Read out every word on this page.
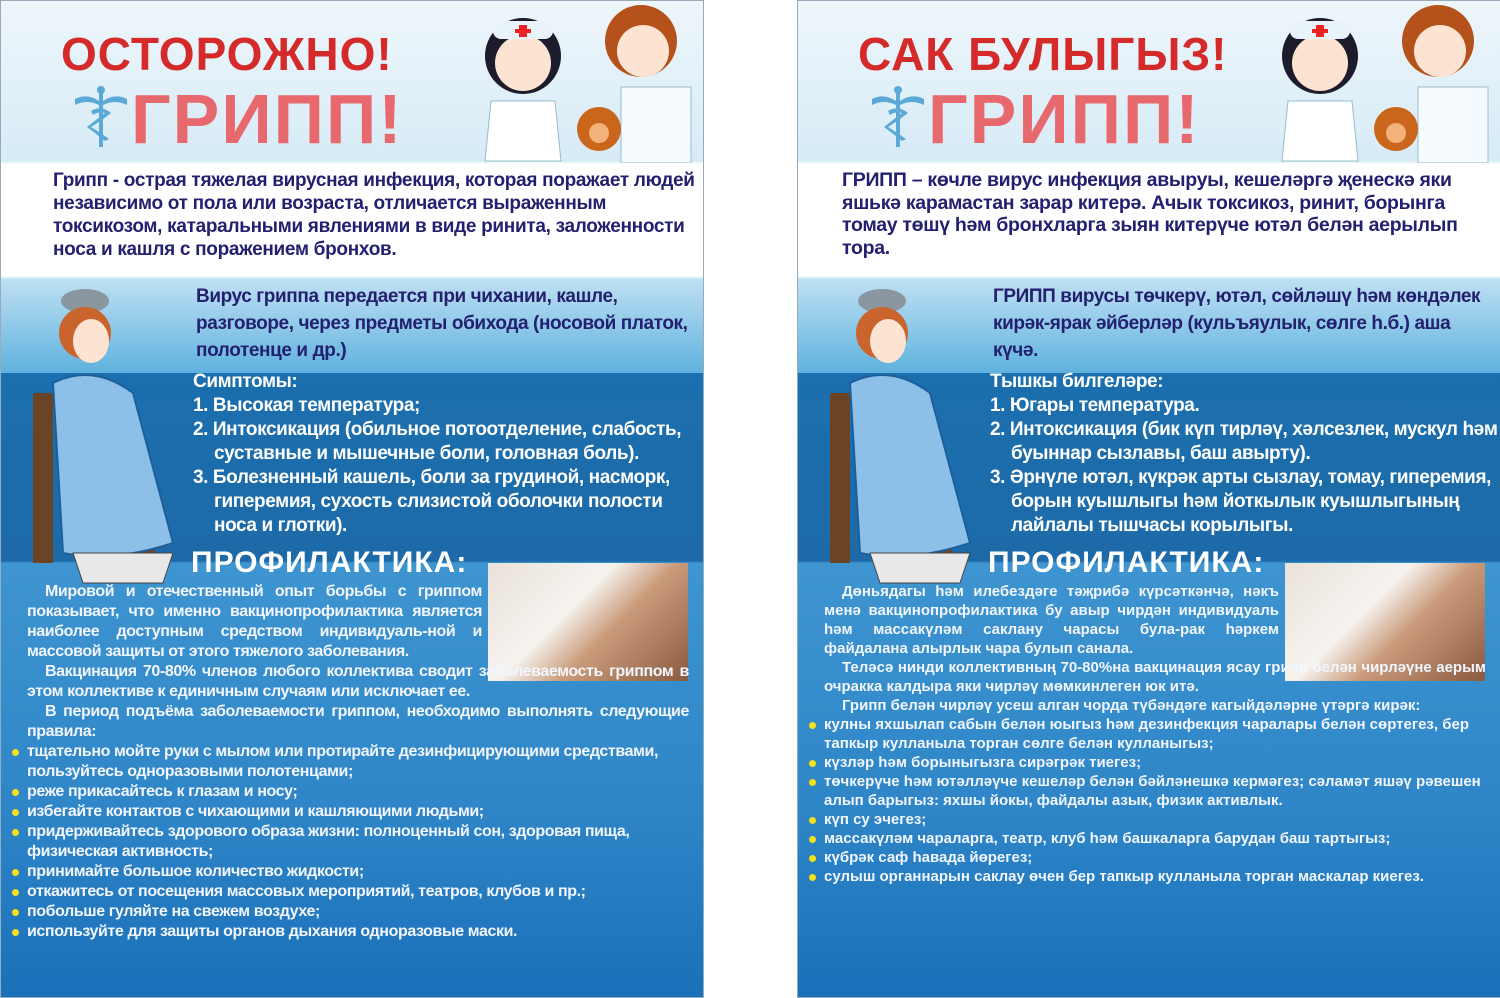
ОСТОРОЖНО!
ГРИПП!
Грипп - острая тяжелая вирусная инфекция, которая поражает людей независимо от пола или возраста, отличается выраженным токсикозом, катаральными явлениями в виде ринита, заложенности носа и кашля с поражением бронхов.
Вирус гриппа передается при чихании, кашле, разговоре, через предметы обихода (носовой платок, полотенце и др.)
Симптомы:
1. Высокая температура;
2. Интоксикация (обильное потоотделение, слабость, суставные и мышечные боли, головная боль).
3. Болезненный кашель, боли за грудиной, насморк, гиперемия, сухость слизистой оболочки полости носа и глотки).
ПРОФИЛАКТИКА:

Мировой и отечественный опыт борьбы с гриппом показывает, что именно вакцинопрофилактика является наиболее доступным средством индивидуаль-ной и массовой защиты от этого тяжелого заболевания.

Вакцинация 70-80% членов любого коллектива сводит заболеваемость гриппом в этом коллективе к единичным случаям или исключает ее.

В период подъёма заболеваемости гриппом, необходимо выполнять следующие правила:

тщательно мойте руки с мылом или протирайте дезинфицирующими средствами, пользуйтесь одноразовыми полотенцами;
реже прикасайтесь к глазам и носу;
избегайте контактов с чихающими и кашляющими людьми;
придерживайтесь здорового образа жизни: полноценный сон, здоровая пища, физическая активность;
принимайте большое количество жидкости;
откажитесь от посещения массовых мероприятий, театров, клубов и пр.;
побольше гуляйте на свежем воздухе;
используйте для защиты органов дыхания одноразовые маски.
САК БУЛЫГЫЗ!
ГРИПП!
ГРИПП – көчле вирус инфекция авыруы, кешеләргә җенескә яки яшькә карамастан зарар китерә. Ачык токсикоз, ринит, борынга томау төшү һәм бронхларга зыян китерүче ютәл белән аерылып тора.
ГРИПП вирусы төчкерү, ютәл, сөйләшү һәм көндәлек кирәк-ярак әйберләр (кульъяулык, сөлге һ.б.) аша күчә.
Тышкы билгеләре:
1. Югары температура.
2. Интоксикация (бик күп тирләү, хәлсезлек, мускул һәм буыннар сызлавы, баш авырту).
3. Әрнүле ютәл, күкрәк арты сызлау, томау, гиперемия, борын куышлыгы һәм йоткылык куышлыгының лайлалы тышчасы корылыгы.
ПРОФИЛАКТИКА:

Дөньядагы һәм илебездәге тәҗрибә күрсәткәнчә, нәкъ менә вакцинопрофилактика бу авыр чирдән индивидуаль һәм массакүләм саклану чарасы булa-рак һәркем файдалана алырлык чара булып санала.

Теләсә нинди коллективның 70-80%на вакцинация ясау грипп белән чирләүне аерым очракка калдыра яки чирләү мөмкинлеген юк итә.

Грипп белән чирләү усеш алган чорда түбәндәге кагыйдәләрне үтәргә кирәк:

кулны яхшылап сабын белән юыгыз һәм дезинфекция чаралары белән сөртегез, бер тапкыр кулланыла торган сөлге белән кулланыгыз;
күзләр һәм борыныгызга сирәгрәк тиегез;
төчкерүче һәм ютәлләүче кешеләр белән бәйләнешкә кермәгез; сәламәт яшәү рәвешен алып барыгыз: яхшы йокы, файдалы азык, физик активлык.
күп су эчегез;
массакүләм чараларга, театр, клуб һәм башкаларга барудан баш тартыгыз;
күбрәк саф һавада йөрегез;
сулыш органнарын саклау өчен бер тапкыр кулланыла торган маскалар киегез.
